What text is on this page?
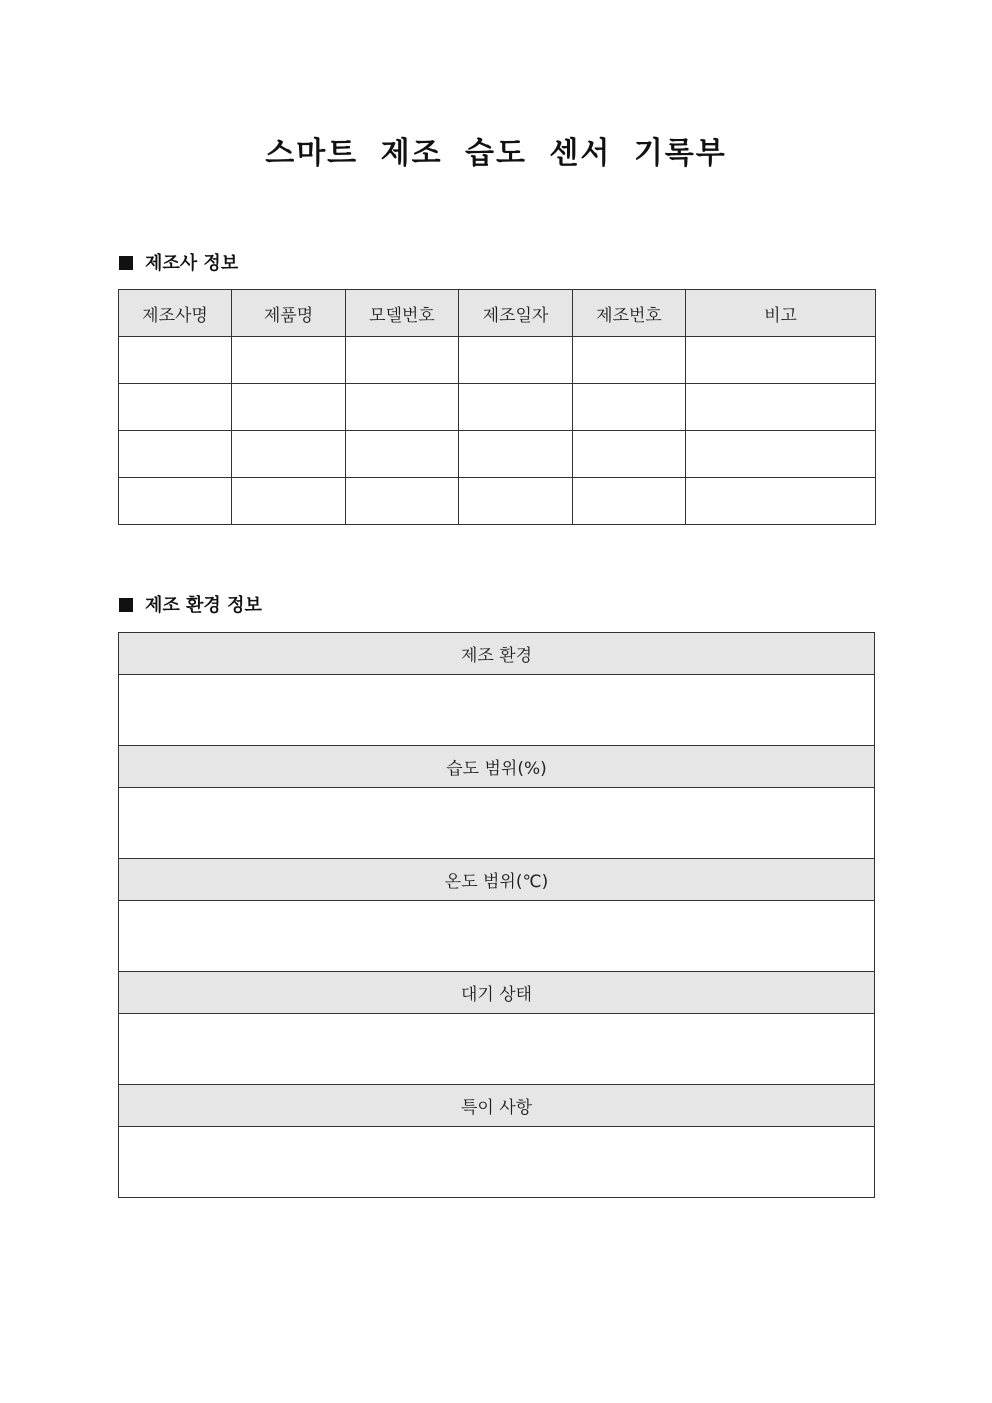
스마트 제조 습도 센서 기록부
제조사 정보
제조사명	제품명	모델번호	제조일자	제조번호	비고

제조 환경 정보
제조 환경

습도 범위(%)

온도 범위(℃)

대기 상태

특이 사항
